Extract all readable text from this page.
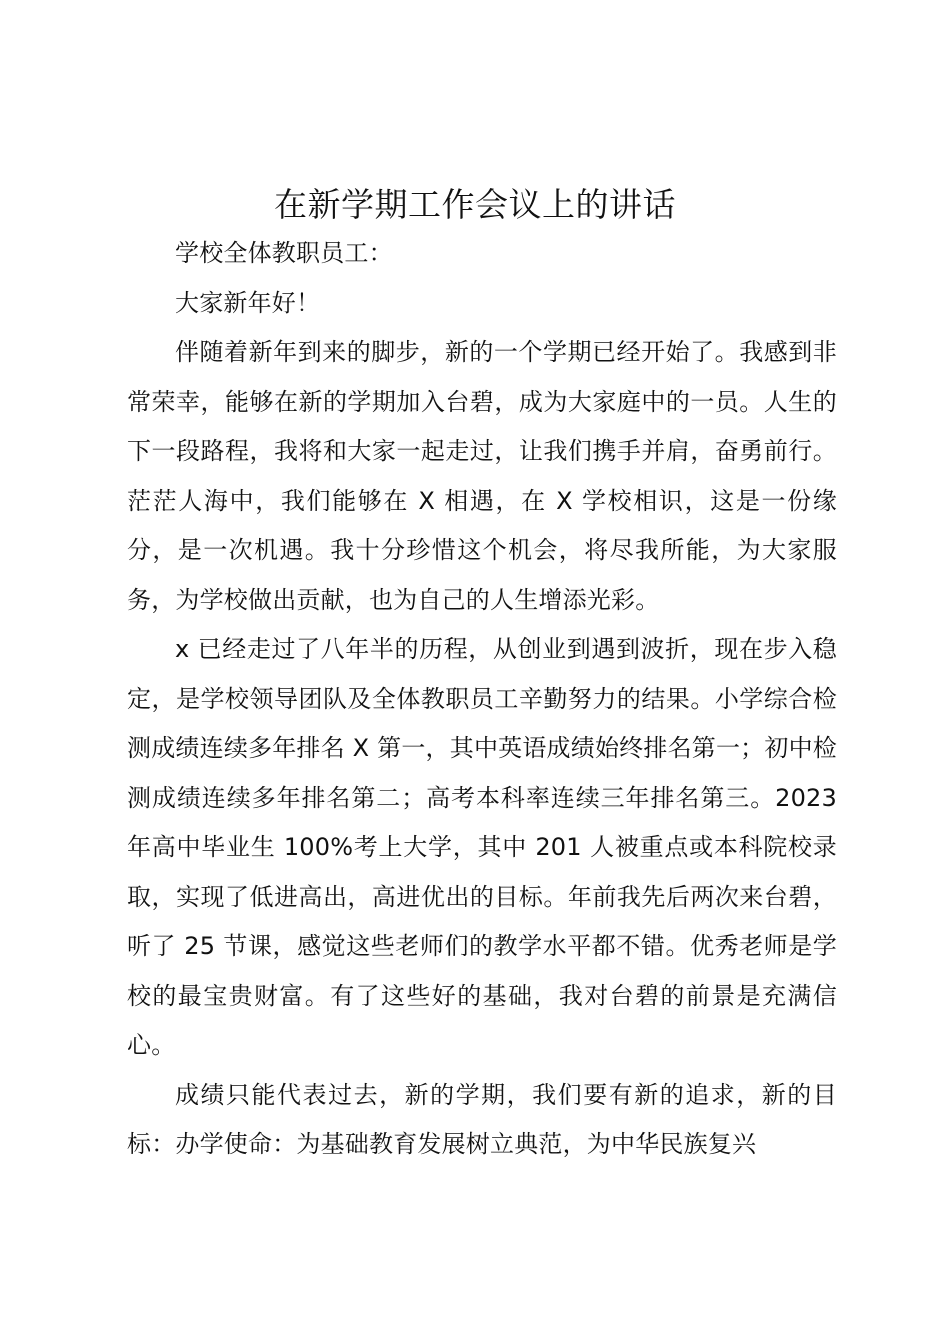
在新学期工作会议上的讲话

学校全体教职员工：

大家新年好！

伴随着新年到来的脚步，新的一个学期已经开始了。我感到非常荣幸，能够在新的学期加入台碧，成为大家庭中的一员。人生的下一段路程，我将和大家一起走过，让我们携手并肩，奋勇前行。茫茫人海中，我们能够在 X 相遇，在 X 学校相识，这是一份缘分，是一次机遇。我十分珍惜这个机会，将尽我所能，为大家服务，为学校做出贡献，也为自己的人生增添光彩。

x 已经走过了八年半的历程，从创业到遇到波折，现在步入稳定，是学校领导团队及全体教职员工辛勤努力的结果。小学综合检测成绩连续多年排名 X 第一，其中英语成绩始终排名第一；初中检测成绩连续多年排名第二；高考本科率连续三年排名第三。2023 年高中毕业生 100%考上大学，其中 201 人被重点或本科院校录取，实现了低进高出，高进优出的目标。年前我先后两次来台碧，听了 25 节课，感觉这些老师们的教学水平都不错。优秀老师是学校的最宝贵财富。有了这些好的基础，我对台碧的前景是充满信心。

成绩只能代表过去，新的学期，我们要有新的追求，新的目标：办学使命：为基础教育发展树立典范，为中华民族复兴
